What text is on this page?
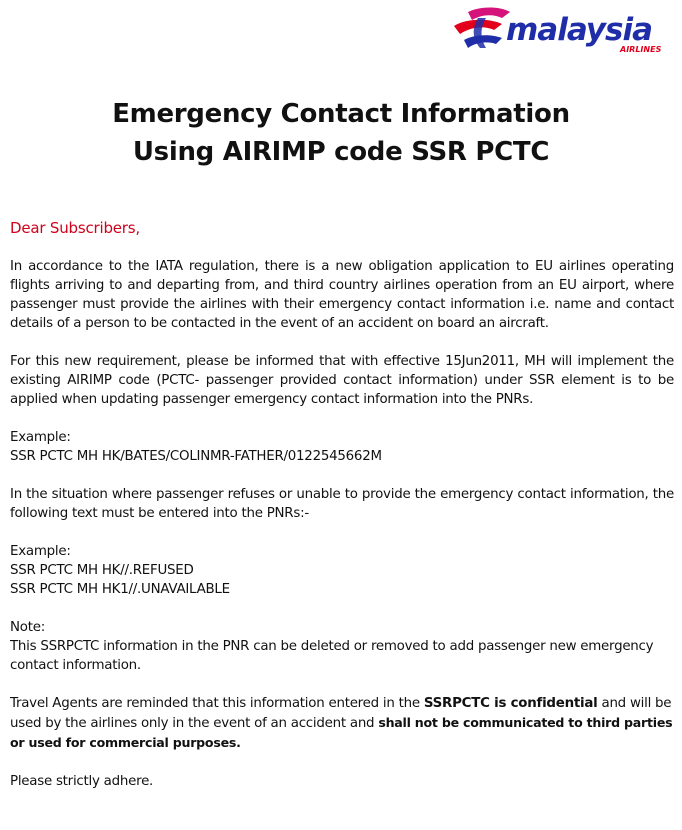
malaysia
AIRLINES
Emergency Contact Information
Using AIRIMP code SSR PCTC
Dear Subscribers,

In accordance to the IATA regulation, there is a new obligation application to EU airlines operating flights arriving to and departing from, and third country airlines operation from an EU airport, where passenger must provide the airlines with their emergency contact information i.e. name and contact details of a person to be contacted in the event of an accident on board an aircraft.

For this new requirement, please be informed that with effective 15Jun2011, MH will implement the existing AIRIMP code (PCTC- passenger provided contact information) under SSR element is to be applied when updating passenger emergency contact information into the PNRs.

Example:
SSR PCTC MH HK/BATES/COLINMR-FATHER/0122545662M

In the situation where passenger refuses or unable to provide the emergency contact information, the following text must be entered into the PNRs:-

Example:
SSR PCTC MH HK//.REFUSED
SSR PCTC MH HK1//.UNAVAILABLE

Note:
This SSRPCTC information in the PNR can be deleted or removed to add passenger new emergency contact information.

Travel Agents are reminded that this information entered in the SSRPCTC is confidential and will be used by the airlines only in the event of an accident and shall not be communicated to third parties or used for commercial purposes.

Please strictly adhere.
